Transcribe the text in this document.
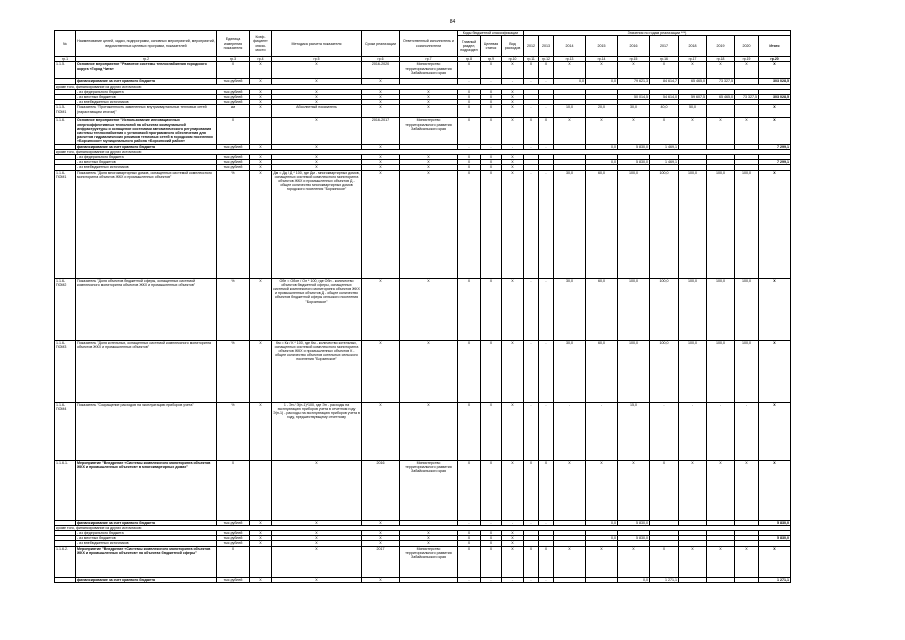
84
№	Наименование целей, задач, подпрограмм, основных мероприятий, мероприятий, ведомственных целевых программ, показателей	Единица измерения показателя	Коэф-фициент значи-мости	Методика расчета показателя	Сроки реализации	Ответственный исполнитель и соисполнители	Коды бюджетной классификации			Значения по годам реализации ***)									
							Главный раздел, подраздел	Целевая статья	Вид расходов	2012	2013	2014	2015	2016	2017	2018	2019	2020	Итого
гр.1	гр.2	гр.3	гр.4	гр.5	гр.6	гр.7	гр.8	гр.9	гр.10	гр.11	гр.12	гр.13	гр.14	гр.15	гр.16	гр.17	гр.18	гр.19	гр.20
1.1.5.	Основное мероприятие "Развитие системы теплоснабжения городского округа «Город Чита»	X	X	X	2016-2020	Министерство территориального развития Забайкальского края	X	X	X	X	X	X	X	X	X	X	X	X	X
	финансирование за счет краевого бюджета	тыс.рублей	X	X	X		-	-	-	-	-	0,0	0,0	79 621,3	84 614,7	65 465,0	73 327,5		303 028,5
кроме того, финансирование из других источников:																			
	- из федерального бюджета	тыс.рублей	X	X	X	X	X	X	X										
	- из местных бюджетов	тыс.рублей	X	X	X	X	X	X	X					50 014,5	54 614,0	59 607,5	65 465,0	73 327,5	303 028,5
	- из внебюджетных источников	тыс.рублей	X	X	X	X	X	X	X										
1.1.5-ПОМ1	Показатель "Протяженность замененных внутриквартальных тепловых сетей (нарастающим итогом)"	км	X	Абсолютный показатель	X	X	X	X	X	-	-	10,0	20,0	30,0	40,0	50,0			X
1.1.6.	Основное мероприятие "Использование инновационных энергоэффективных технологий на объектах коммунальной инфраструктуры и оснащение системами автоматического регулирования системы теплоснабжения с установкой программного обеспечения для расчетов гидравлических режимов тепловых сетей в городском поселении «Борзинское» муниципального района «Борзинский район»	X		X	2016-2017	Министерство территориального развития Забайкальского края	X	X	X	X	X	X	X	X	X	X	X	X	X
	финансирование за счет краевого бюджета	тыс.рублей	X	X	X		-	-	-	-	-		0,0	5 830,0	1 469,1				7 299,1
кроме того, финансирование из других источников:																			
	- из федерального бюджета	тыс.рублей	X	X	X	X	X	X	X										
	- из местных бюджетов	тыс.рублей	X	X	X	X	X	X	X				0,0	5 830,0	1 469,1				7 299,1
	- из внебюджетных источников	тыс.рублей	X	X	X	X	X	X	X										
1.1.6-ПОМ1	Показатель "Доля многоквартирных домов, оснащенных системой комплексного мониторинга объектов ЖКХ и промышленных объектов"	%	X	Дм = Дд / Д * 100, где Дм - многоквартирных домов, оснащенных системой комплексного мониторинга объектов ЖКХ и промышленных объектов Д - общее количество многоквартирных домов городского поселения "Борзинское"	X	X	X	X	X	-	-	30,0	60,0	100,0	100,0	100,0	100,0	100,0	X
1.1.6-ПОМ2	Показатель "Доля объектов бюджетной сферы, оснащенных системой комплексного мониторинга объектов ЖКХ и промышленных объектов"	%	X	Обн = Обон / Ол * 100, где Обн - количество объектов бюджетной сферы, оснащенных системой комплексного мониторинга объектов ЖКХ и промышленных объектов Д - общее количество объектов бюджетной сферы сельского поселения "Борзинское"	X	X	X	X	X	-	-	30,0	60,0	100,0	100,0	100,0	100,0	100,0	X
1.1.6-ПОМ3	Показатель "Доля котельных, оснащенных системой комплексного мониторинга объектов ЖКХ и промышленных объектов"	%	X	Км = Кк / К * 100, где Км - количество котельных, оснащенных системой комплексного мониторинга объектов ЖКХ и промышленных объектов К - общее количество объектов котельных сельского поселения "Борзинское"	X	X	X	X	X	-	-	30,0	60,0	100,0	100,0	100,0	100,0	100,0	X
1.1.6-ПОМ4	Показатель "Сокращение расходов на эксплуатацию приборов учета"	%	X	1 - Эп / Э(п-1)*100, где Эп - расходы на эксплуатацию приборов учета в отчетном году Э(п-1) - расходы на эксплуатацию приборов учета в году, предшествующему отчетному	X	X	X	X	X	-	-	-	-	15,0	-	-	-	-	X
1.1.6.1.	Мероприятие "Внедрение «Системы комплексного мониторинга объектов ЖКХ и промышленных объектов» в многоквартирных домах"	X		X	2016	Министерство территориального развития Забайкальского края	X	X	X	X	X	X	X	X	X	X	X	X	X
	финансирование за счет краевого бюджета	тыс.рублей	X	X	X		-	-	-	-	-		0,0	5 830,0					5 830,0
кроме того, финансирование из других источников:																			
	- из федерального бюджета	тыс.рублей	X	X	X	X	X	X	X										
	- из местных бюджетов	тыс.рублей	X	X	X	X	X	X	X				0,0	5 830,0					5 830,0
	- из внебюджетных источников	тыс.рублей	X	X	X	X	X	X	X										
1.1.6.2.	Мероприятие "Внедрение «Системы комплексного мониторинга объектов ЖКХ и промышленных объектов» на объектах бюджетной сферы"	X		X	2017	Министерство территориального развития Забайкальского края	X	X	X	X	X	X	X	X	X	X	X	X	X
	финансирование за счет краевого бюджета	тыс.рублей	X	X	X		-	-	-	-	-			0,0	1 271,1				1 271,1
